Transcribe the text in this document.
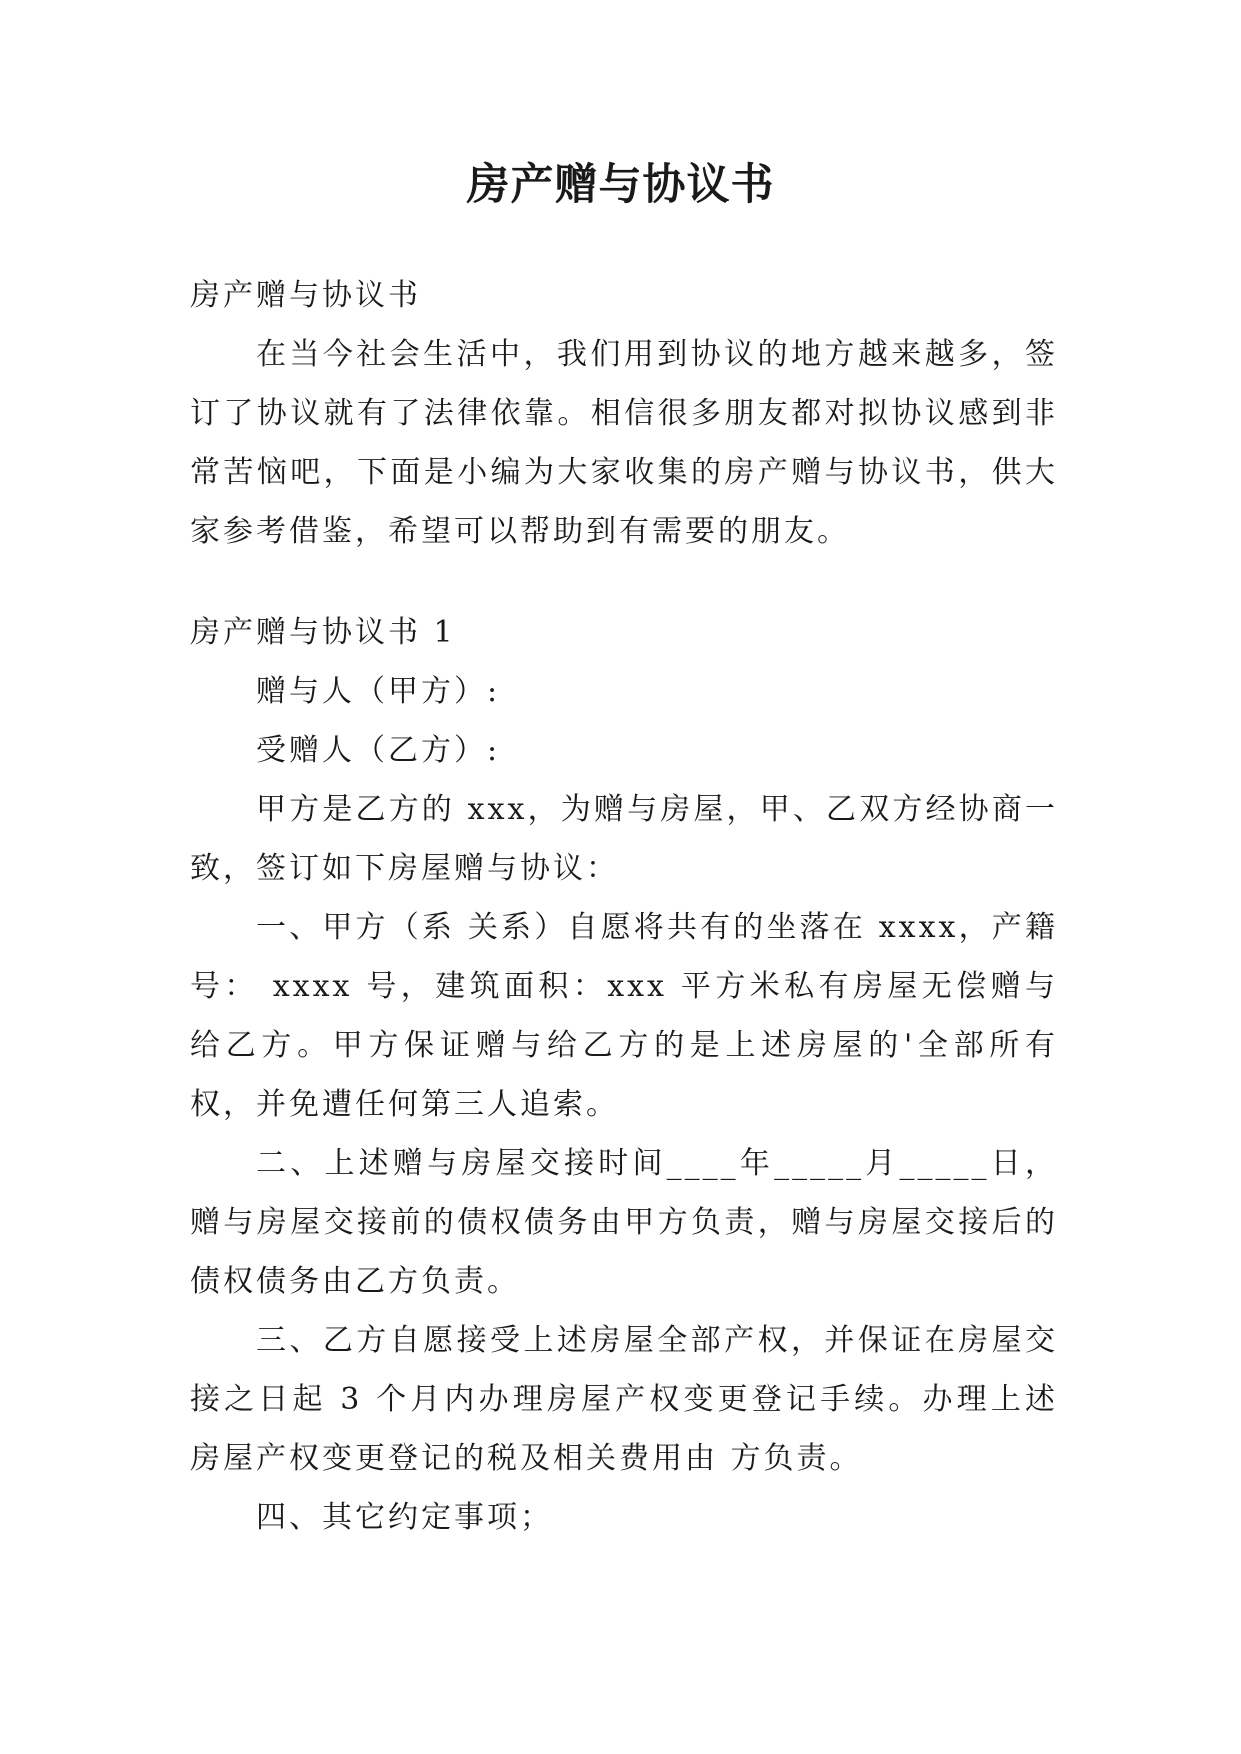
房产赠与协议书

房产赠与协议书

在当今社会生活中，我们用到协议的地方越来越多，签订了协议就有了法律依靠。相信很多朋友都对拟协议感到非常苦恼吧，下面是小编为大家收集的房产赠与协议书，供大家参考借鉴，希望可以帮助到有需要的朋友。

房产赠与协议书 1

赠与人（甲方）:

受赠人（乙方）:

甲方是乙方的 xxx，为赠与房屋，甲、乙双方经协商一致，签订如下房屋赠与协议：

一、甲方（系 关系）自愿将共有的坐落在 xxxx，产籍号： xxxx 号，建筑面积：xxx 平方米私有房屋无偿赠与给乙方。甲方保证赠与给乙方的是上述房屋的'全部所有权，并免遭任何第三人追索。

二、上述赠与房屋交接时间____年_____月_____日，赠与房屋交接前的债权债务由甲方负责，赠与房屋交接后的债权债务由乙方负责。

三、乙方自愿接受上述房屋全部产权，并保证在房屋交接之日起 3 个月内办理房屋产权变更登记手续。办理上述房屋产权变更登记的税及相关费用由 方负责。

四、其它约定事项；
